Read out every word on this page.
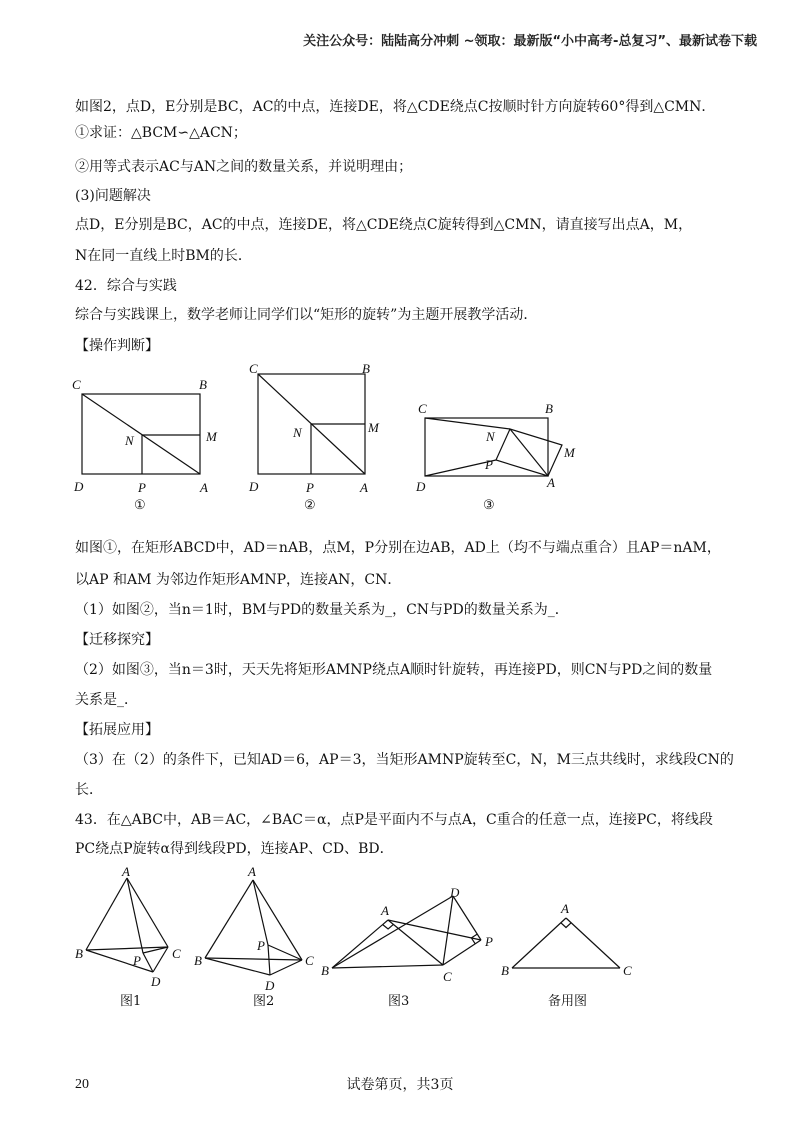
关注公众号：陆陆高分冲刺 ~领取：最新版“小中高考-总复习”、最新试卷下载
如图2，点D，E分别是BC，AC的中点，连接DE，将△CDE绕点C按顺时针方向旋转60°得到△CMN．
①求证：△BCM∽△ACN；
②用等式表示AC与AN之间的数量关系，并说明理由；
(3)问题解决
点D，E分别是BC，AC的中点，连接DE，将△CDE绕点C旋转得到△CMN，请直接写出点A，M，
N在同一直线上时BM的长．
42．综合与实践
综合与实践课上，数学老师让同学们以“矩形的旋转”为主题开展教学活动．
【操作判断】
如图①，在矩形ABCD中，AD＝nAB，点M，P分别在边AB，AD上（均不与端点重合）且AP＝nAM，
以AP 和AM 为邻边作矩形AMNP，连接AN，CN．
（1）如图②，当n＝1时，BM与PD的数量关系为_，CN与PD的数量关系为_．
【迁移探究】
（2）如图③，当n＝3时，天天先将矩形AMNP绕点A顺时针旋转，再连接PD，则CN与PD之间的数量
关系是_．
【拓展应用】
（3）在（2）的条件下，已知AD＝6，AP＝3，当矩形AMNP旋转至C，N，M三点共线时，求线段CN的
长．
43．在△ABC中，AB＝AC，∠BAC＝α，点P是平面内不与点A，C重合的任意一点，连接PC，将线段
PC绕点P旋转α得到线段PD，连接AP、CD、BD．
C	B
N	M
D	P	A
①
C	B
N	M
D	P	A
②
C	B
N
M
D
P
A
③
A
B	C
P
D
图1
A
B	C
P
D
图2
A
B	C
D
P
图3
A
B	C
备用图
20	试卷第页，共3页
